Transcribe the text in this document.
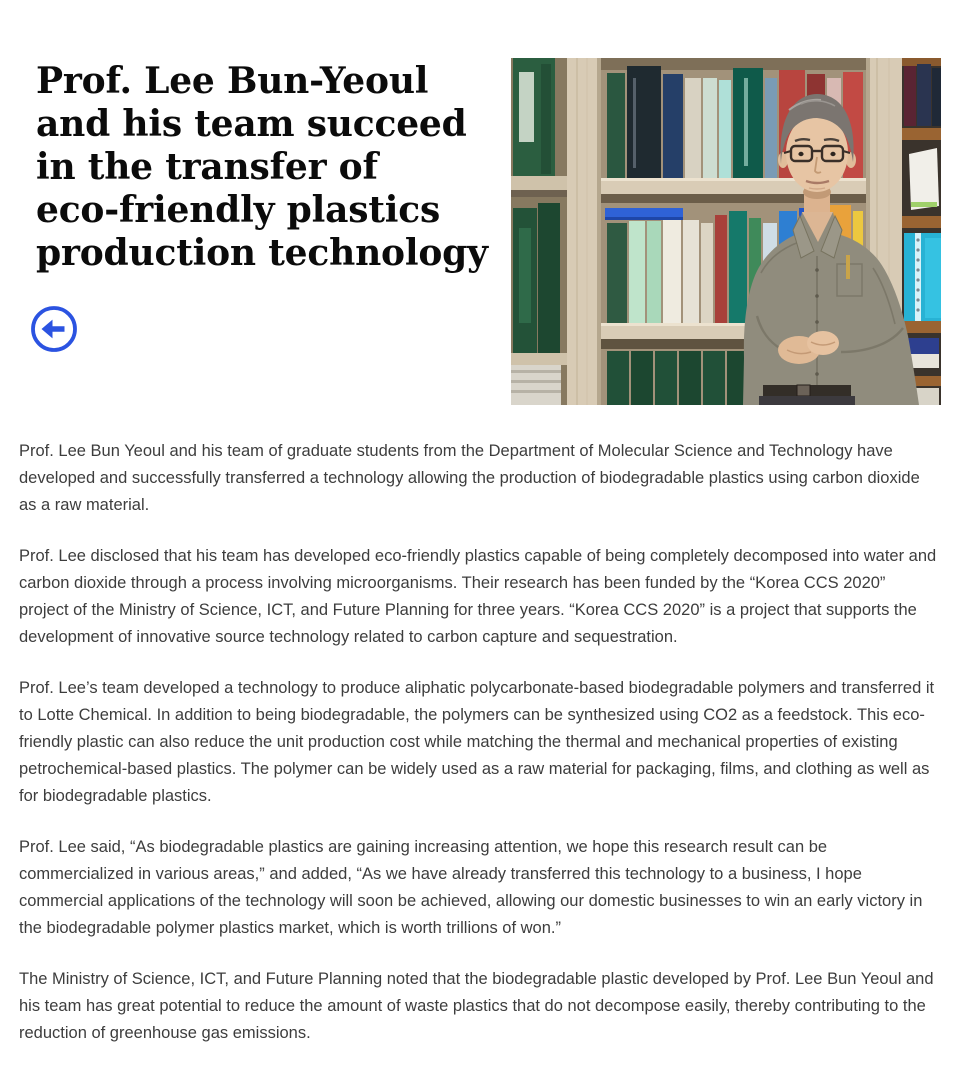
Prof. Lee Bun-Yeoul
and his team succeed
in the transfer of
eco-friendly plastics
production technology

Prof. Lee Bun Yeoul and his team of graduate students from the Department of Molecular Science and Technology have developed and successfully transferred a technology allowing the production of biodegradable plastics using carbon dioxide as a raw material.

Prof. Lee disclosed that his team has developed eco-friendly plastics capable of being completely decomposed into water and carbon dioxide through a process involving microorganisms. Their research has been funded by the “Korea CCS 2020” project of the Ministry of Science, ICT, and Future Planning for three years. “Korea CCS 2020” is a project that supports the development of innovative source technology related to carbon capture and sequestration.

Prof. Lee’s team developed a technology to produce aliphatic polycarbonate-based biodegradable polymers and transferred it to Lotte Chemical. In addition to being biodegradable, the polymers can be synthesized using CO2 as a feedstock. This eco-friendly plastic can also reduce the unit production cost while matching the thermal and mechanical properties of existing petrochemical-based plastics. The polymer can be widely used as a raw material for packaging, films, and clothing as well as for biodegradable plastics.

Prof. Lee said, “As biodegradable plastics are gaining increasing attention, we hope this research result can be commercialized in various areas,” and added, “As we have already transferred this technology to a business, I hope commercial applications of the technology will soon be achieved, allowing our domestic businesses to win an early victory in the biodegradable polymer plastics market, which is worth trillions of won.”

The Ministry of Science, ICT, and Future Planning noted that the biodegradable plastic developed by Prof. Lee Bun Yeoul and his team has great potential to reduce the amount of waste plastics that do not decompose easily, thereby contributing to the reduction of greenhouse gas emissions.
